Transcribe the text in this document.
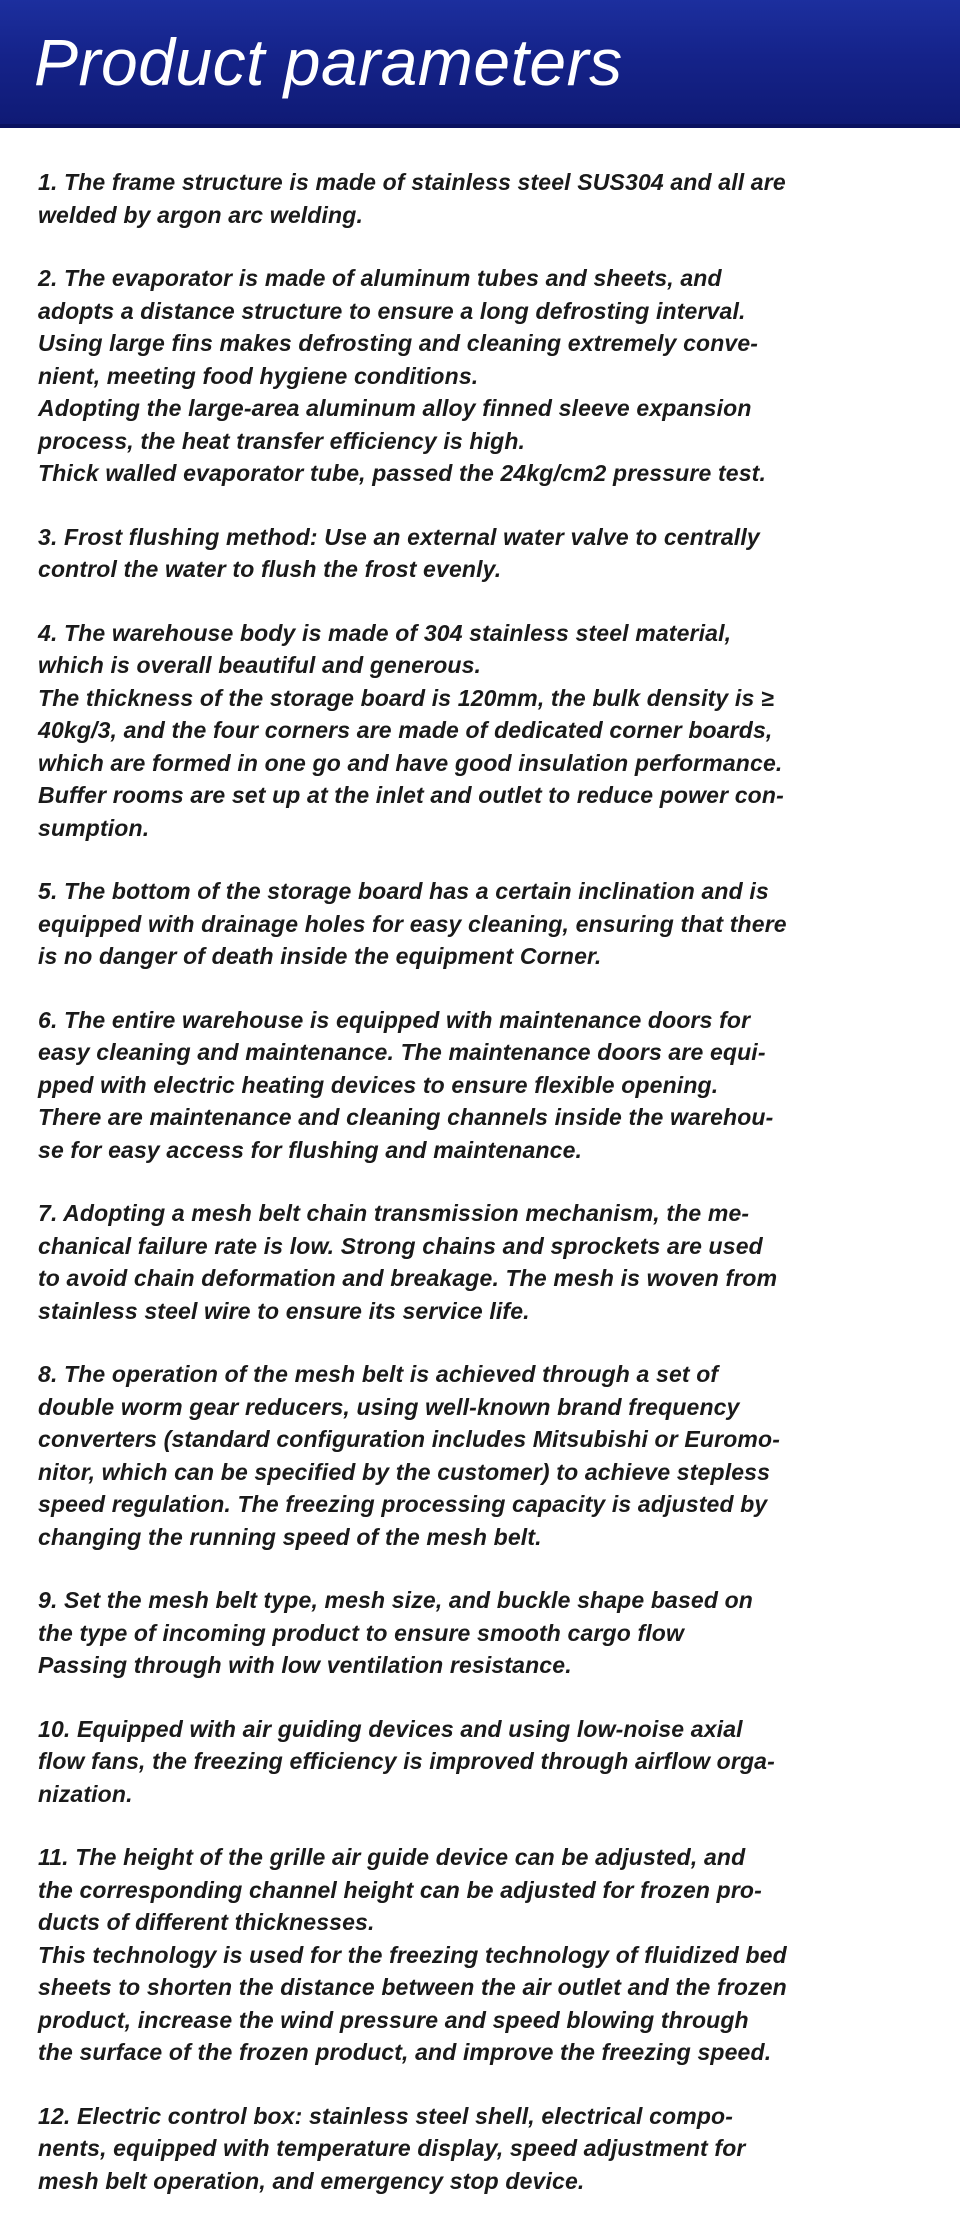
Product parameters
1. The frame structure is made of stainless steel SUS304 and all are
welded by argon arc welding.
2. The evaporator is made of aluminum tubes and sheets, and
adopts a distance structure to ensure a long defrosting interval.
Using large fins makes defrosting and cleaning extremely conve-
nient, meeting food hygiene conditions.
Adopting the large-area aluminum alloy finned sleeve expansion
process, the heat transfer efficiency is high.
Thick walled evaporator tube, passed the 24kg/cm2 pressure test.
3. Frost flushing method: Use an external water valve to centrally
control the water to flush the frost evenly.
4. The warehouse body is made of 304 stainless steel material,
which is overall beautiful and generous.
The thickness of the storage board is 120mm, the bulk density is ≥
40kg/3, and the four corners are made of dedicated corner boards,
which are formed in one go and have good insulation performance.
Buffer rooms are set up at the inlet and outlet to reduce power con-
sumption.
5. The bottom of the storage board has a certain inclination and is
equipped with drainage holes for easy cleaning, ensuring that there
is no danger of death inside the equipment Corner.
6. The entire warehouse is equipped with maintenance doors for
easy cleaning and maintenance. The maintenance doors are equi-
pped with electric heating devices to ensure flexible opening.
There are maintenance and cleaning channels inside the warehou-
se for easy access for flushing and maintenance.
7. Adopting a mesh belt chain transmission mechanism, the me-
chanical failure rate is low. Strong chains and sprockets are used
to avoid chain deformation and breakage. The mesh is woven from
stainless steel wire to ensure its service life.
8. The operation of the mesh belt is achieved through a set of
double worm gear reducers, using well-known brand frequency
converters (standard configuration includes Mitsubishi or Euromo-
nitor, which can be specified by the customer) to achieve stepless
speed regulation. The freezing processing capacity is adjusted by
changing the running speed of the mesh belt.
9. Set the mesh belt type, mesh size, and buckle shape based on
the type of incoming product to ensure smooth cargo flow
Passing through with low ventilation resistance.
10. Equipped with air guiding devices and using low-noise axial
flow fans, the freezing efficiency is improved through airflow orga-
nization.
11. The height of the grille air guide device can be adjusted, and
the corresponding channel height can be adjusted for frozen pro-
ducts of different thicknesses.
This technology is used for the freezing technology of fluidized bed
sheets to shorten the distance between the air outlet and the frozen
product, increase the wind pressure and speed blowing through
the surface of the frozen product, and improve the freezing speed.
12. Electric control box: stainless steel shell, electrical compo-
nents, equipped with temperature display, speed adjustment for
mesh belt operation, and emergency stop device.
